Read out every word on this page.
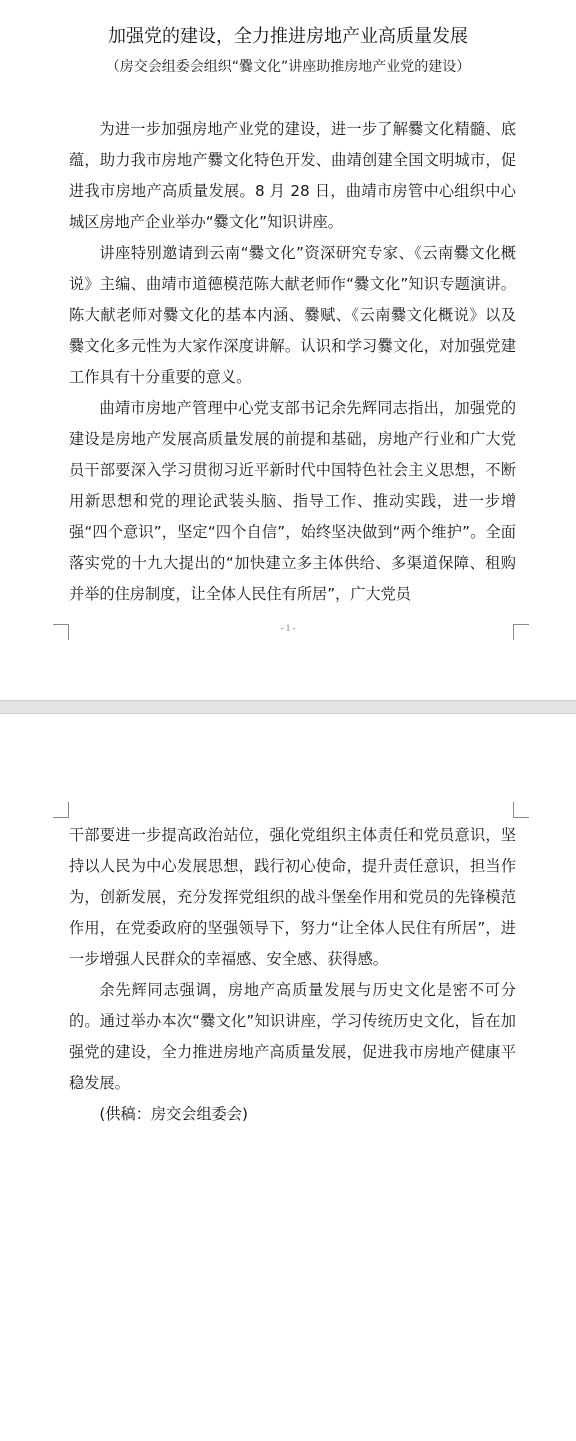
加强党的建设，全力推进房地产业高质量发展
（房交会组委会组织“爨文化”讲座助推房地产业党的建设）

为进一步加强房地产业党的建设，进一步了解爨文化精髓、底蕴，助力我市房地产爨文化特色开发、曲靖创建全国文明城市，促进我市房地产高质量发展。8 月 28 日，曲靖市房管中心组织中心城区房地产企业举办“爨文化”知识讲座。

讲座特别邀请到云南“爨文化”资深研究专家、《云南爨文化概说》主编、曲靖市道德模范陈大献老师作“爨文化”知识专题演讲。陈大献老师对爨文化的基本内涵、爨赋、《云南爨文化概说》以及爨文化多元性为大家作深度讲解。认识和学习爨文化，对加强党建工作具有十分重要的意义。

曲靖市房地产管理中心党支部书记余先辉同志指出，加强党的建设是房地产发展高质量发展的前提和基础，房地产行业和广大党员干部要深入学习贯彻习近平新时代中国特色社会主义思想，不断用新思想和党的理论武装头脑、指导工作、推动实践，进一步增强“四个意识”，坚定“四个自信”，始终坚决做到“两个维护”。全面落实党的十九大提出的“加快建立多主体供给、多渠道保障、租购并举的住房制度，让全体人民住有所居”，广大党员

- 1 -

干部要进一步提高政治站位，强化党组织主体责任和党员意识，坚持以人民为中心发展思想，践行初心使命，提升责任意识，担当作为，创新发展，充分发挥党组织的战斗堡垒作用和党员的先锋模范作用，在党委政府的坚强领导下，努力“让全体人民住有所居”，进一步增强人民群众的幸福感、安全感、获得感。

余先辉同志强调，房地产高质量发展与历史文化是密不可分的。通过举办本次“爨文化”知识讲座，学习传统历史文化，旨在加强党的建设，全力推进房地产高质量发展，促进我市房地产健康平稳发展。

(供稿：房交会组委会)
